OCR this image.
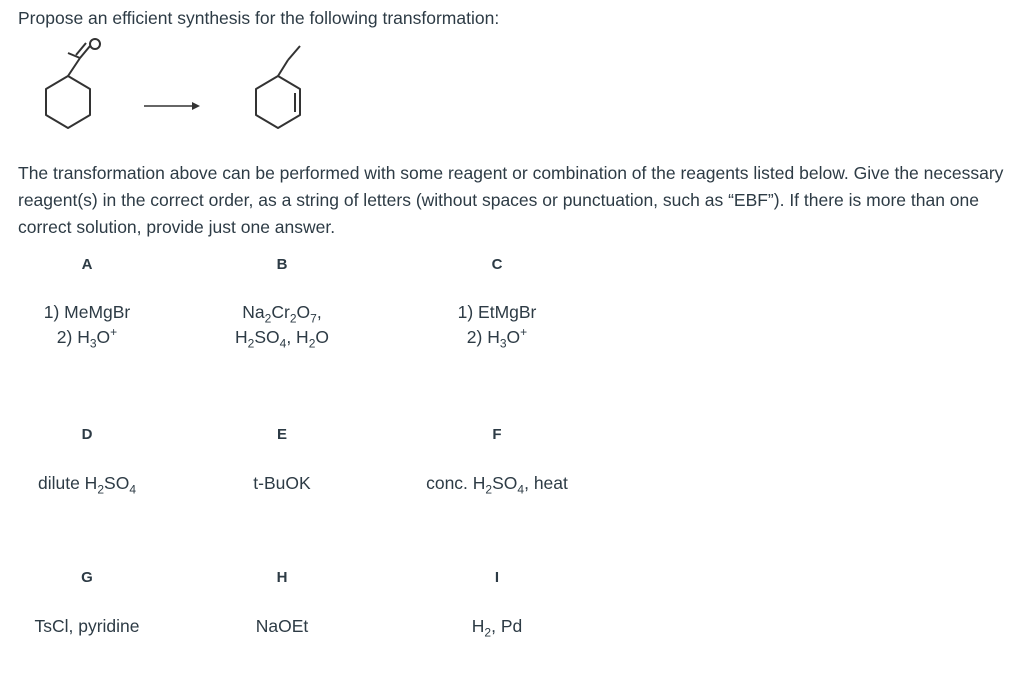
Propose an efficient synthesis for the following transformation:
The transformation above can be performed with some reagent or combination of the reagents listed below. Give the necessary reagent(s) in the correct order, as a string of letters (without spaces or punctuation, such as “EBF”). If there is more than one correct solution, provide just one answer.
A
1) MeMgBr
2) $H_3O^+$
B
$Na_2Cr_2O_7$,
$H_2SO_4$, $H_2O$
C
1) EtMgBr
2) $H_3O^+$
D
dilute $H_2SO_4$
E
t-BuOK
F
conc. $H_2SO_4$, heat
G
TsCl, pyridine
H
NaOEt
I
$H_2$, Pd
